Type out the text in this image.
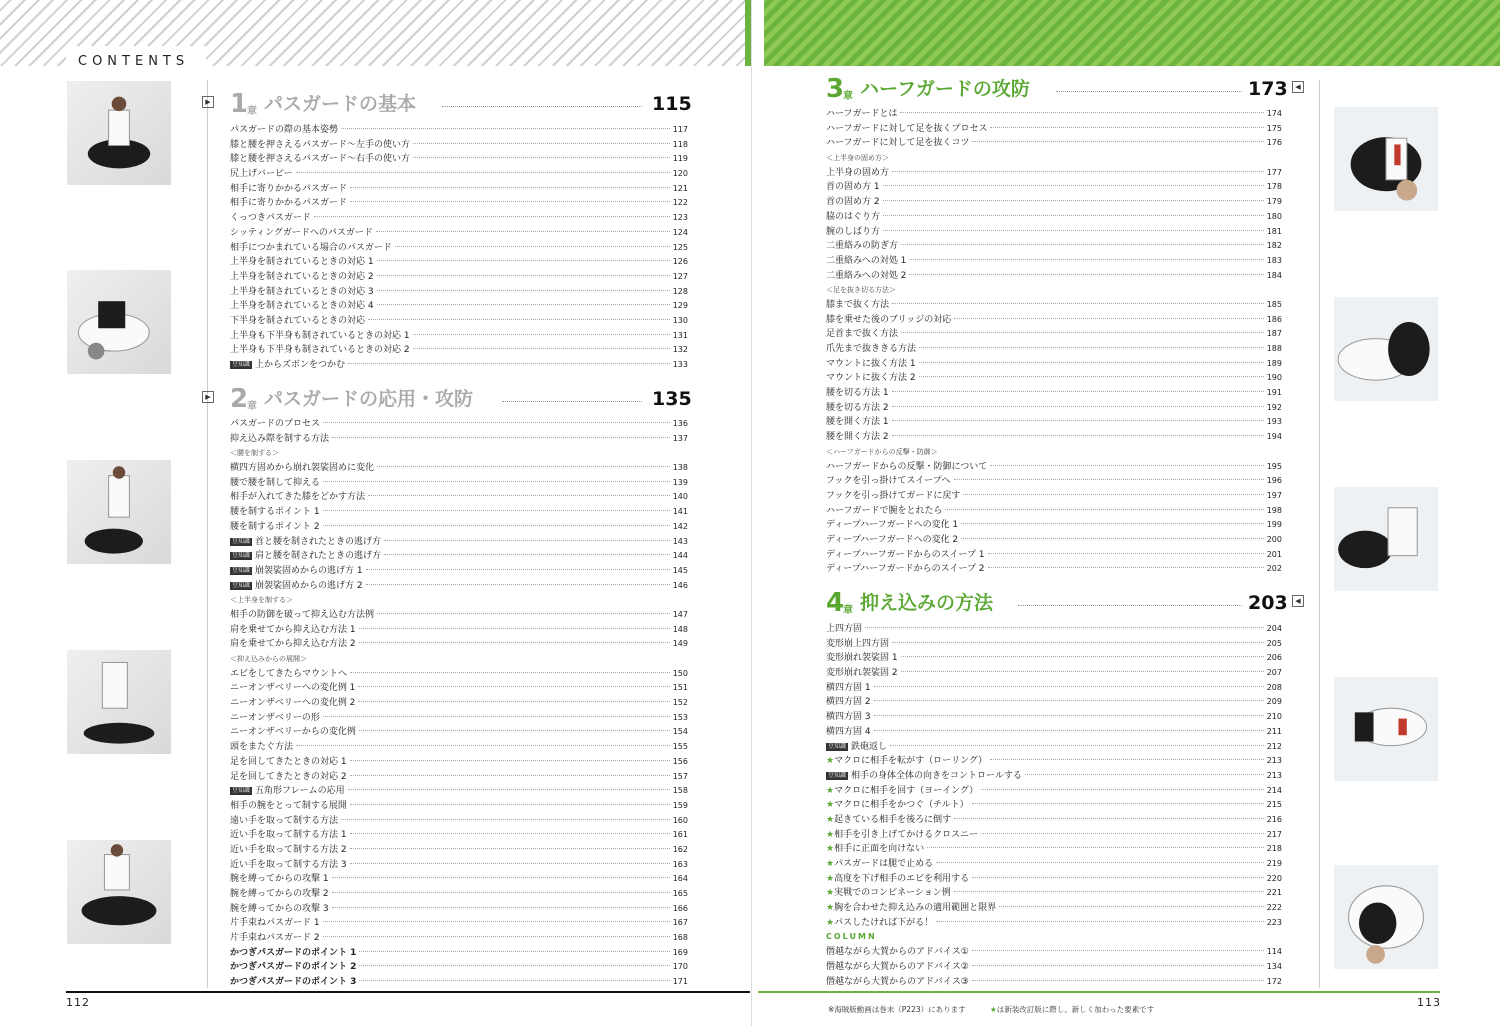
CONTENTS
▶ 1
章 パスガードの基本	115
パスガードの際の基本姿勢	117
膝と腰を押さえるパスガード～左手の使い方	118
膝と腰を押さえるパスガード～右手の使い方	119
尻上げバーピー	120
相手に寄りかかるパスガード	121
相手に寄りかかるパスガード	122
くっつきパスガード	123
シッティングガードへのパスガード	124
相手につかまれている場合のパスガード	125
上半身を制されているときの対応 1	126
上半身を制されているときの対応 2	127
上半身を制されているときの対応 3	128
上半身を制されているときの対応 4	129
下半身を制されているときの対応	130
上半身も下半身も制されているときの対応 1	131
上半身も下半身も制されているときの対応 2	132
豆知識 上からズボンをつかむ	133
▶ 2
章 パスガードの応用・攻防	135
パスガードのプロセス	136
抑え込み際を制する方法	137
＜腰を制する＞
横四方固めから崩れ袈裟固めに変化	138
腰で腰を制して抑える	139
相手が入れてきた膝をどかす方法	140
腰を制するポイント 1	141
腰を制するポイント 2	142
豆知識 首と腰を制されたときの逃げ方	143
豆知識 肩と腰を制されたときの逃げ方	144
豆知識 崩袈裟固めからの逃げ方 1	145
豆知識 崩袈裟固めからの逃げ方 2	146
＜上半身を制する＞
相手の防御を破って抑え込む方法例	147
肩を乗せてから抑え込む方法 1	148
肩を乗せてから抑え込む方法 2	149
＜抑え込みからの展開＞
エビをしてきたらマウントへ	150
ニーオンザベリーへの変化例 1	151
ニーオンザベリーへの変化例 2	152
ニーオンザベリーの形	153
ニーオンザベリーからの変化例	154
頭をまたぐ方法	155
足を回してきたときの対応 1	156
足を回してきたときの対応 2	157
豆知識 五角形フレームの応用	158
相手の腕をとって制する展開	159
遠い手を取って制する方法	160
近い手を取って制する方法 1	161
近い手を取って制する方法 2	162
近い手を取って制する方法 3	163
腕を縛ってからの攻撃 1	164
腕を縛ってからの攻撃 2	165
腕を縛ってからの攻撃 3	166
片手束ねパスガード 1	167
片手束ねパスガード 2	168
かつぎパスガードのポイント 1	169
かつぎパスガードのポイント 2	170
かつぎパスガードのポイント 3	171
3
章 ハーフガードの攻防	173	◀
ハーフガードとは	174
ハーフガードに対して足を抜くプロセス	175
ハーフガードに対して足を抜くコツ	176
＜上半身の固め方＞
上半身の固め方	177
首の固め方 1	178
首の固め方 2	179
脇のはぐり方	180
腕のしばり方	181
二重絡みの防ぎ方	182
二重絡みへの対処 1	183
二重絡みへの対処 2	184
＜足を抜き切る方法＞
膝まで抜く方法	185
膝を乗せた後のブリッジの対応	186
足首まで抜く方法	187
爪先まで抜ききる方法	188
マウントに抜く方法 1	189
マウントに抜く方法 2	190
腰を切る方法 1	191
腰を切る方法 2	192
腰を開く方法 1	193
腰を開く方法 2	194
＜ハーフガードからの反撃・防御＞
ハーフガードからの反撃・防御について	195
フックを引っ掛けてスイープへ	196
フックを引っ掛けてガードに戻す	197
ハーフガードで腕をとれたら	198
ディープハーフガードへの変化 1	199
ディープハーフガードへの変化 2	200
ディープハーフガードからのスイープ 1	201
ディープハーフガードからのスイープ 2	202
4
章 抑え込みの方法	203	◀
上四方固	204
変形崩上四方固	205
変形崩れ袈裟固 1	206
変形崩れ袈裟固 2	207
横四方固 1	208
横四方固 2	209
横四方固 3	210
横四方固 4	211
豆知識 鉄砲返し	212
★マクロに相手を転がす（ローリング）	213
豆知識 相手の身体全体の向きをコントロールする	213
★マクロに相手を回す（ヨーイング）	214
★マクロに相手をかつぐ（チルト）	215
★起きている相手を後ろに倒す	216
★相手を引き上げてかけるクロスニー	217
★相手に正面を向けない	218
★パスガードは腿で止める	219
★高度を下げ相手のエビを利用する	220
★実戦でのコンビネーション例	221
★胸を合わせた抑え込みの適用範囲と限界	222
★パスしたければ下がる！	223
COLUMN
僭越ながら大賀からのアドバイス①	114
僭越ながら大賀からのアドバイス②	134
僭越ながら大賀からのアドバイス③	172
112	113
※海賊版動画は巻末（P223）にあります	★は新装改訂版に際し、新しく加わった要素です
